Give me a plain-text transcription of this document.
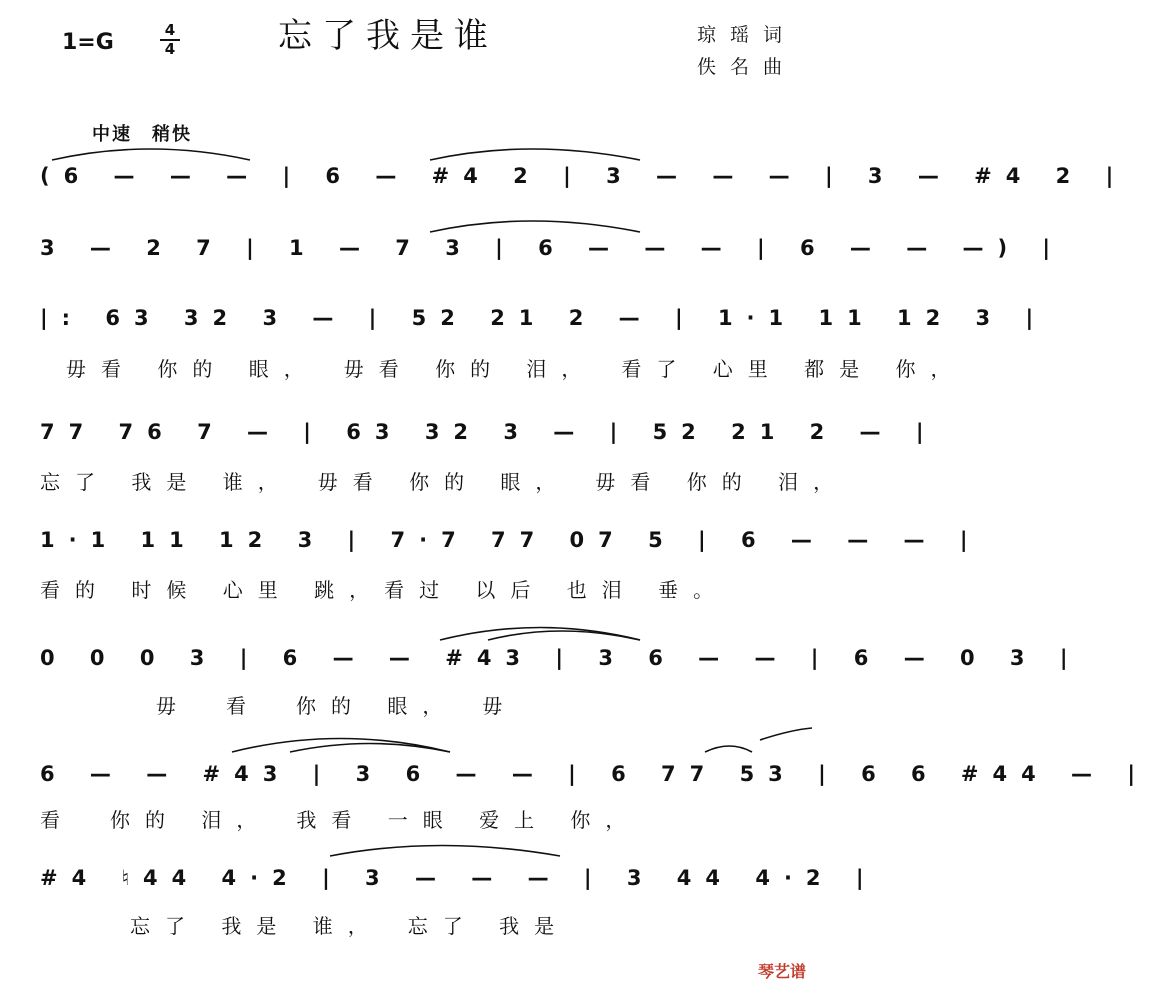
1=G	4
4	忘了我是谁	琼瑶词
佚名曲
中速　稍快
(6 — — — | 6 — #4 2 | 3 — — — | 3 — #4 2 |
3 — 2 7 | 1 — 7 3 | 6 — — — | 6 — — —) |
|: 63 32 3 — | 52 21 2 — | 1·1 11 12 3 |
毋看 你的 眼，　毋看 你的 泪，　看了 心里 都是 你，
77 76 7 — | 63 32 3 — | 52 21 2 — |
忘了 我是 谁，　毋看 你的 眼，　毋看 你的 泪，
1·1 11 12 3 | 7·7 77 07 5 | 6 — — — |
看的 时候 心里 跳，看过 以后 也泪 垂。
0 0 0 3 | 6 — — #43 | 3 6 — — | 6 — 0 3 |
毋　看　你的 眼，　毋
6 — — #43 | 3 6 — — | 6 77 53 | 6 6 #44 — |
看　你的 泪，　我看 一眼 爱上 你，
#4 ♮44 4·2 | 3 — — — | 3 44 4·2 |
忘了 我是 谁，　忘了 我是
琴艺谱
